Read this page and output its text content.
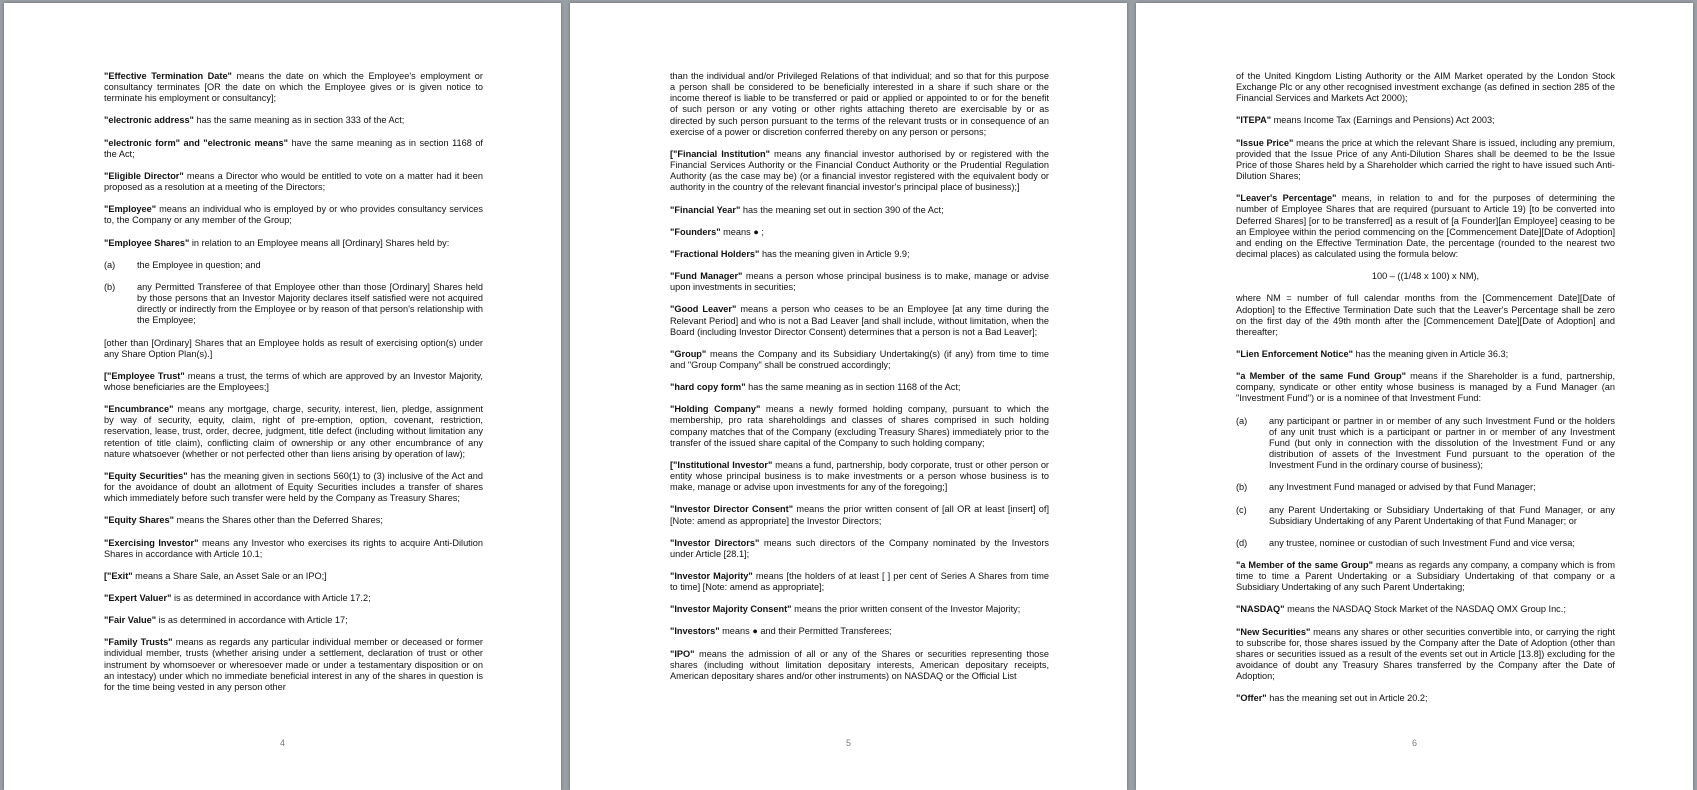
"Effective Termination Date" means the date on which the Employee's employment or consultancy terminates [OR the date on which the Employee gives or is given notice to terminate his employment or consultancy];

"electronic address" has the same meaning as in section 333 of the Act;

"electronic form" and "electronic means" have the same meaning as in section 1168 of the Act;

"Eligible Director" means a Director who would be entitled to vote on a matter had it been proposed as a resolution at a meeting of the Directors;

"Employee" means an individual who is employed by or who provides consultancy services to, the Company or any member of the Group;

"Employee Shares" in relation to an Employee means all [Ordinary] Shares held by:

(a)	the Employee in question; and
(b)	any Permitted Transferee of that Employee other than those [Ordinary] Shares held by those persons that an Investor Majority declares itself satisfied were not acquired directly or indirectly from the Employee or by reason of that person's relationship with the Employee;

[other than [Ordinary] Shares that an Employee holds as result of exercising option(s) under any Share Option Plan(s).]

["Employee Trust" means a trust, the terms of which are approved by an Investor Majority, whose beneficiaries are the Employees;]

"Encumbrance" means any mortgage, charge, security, interest, lien, pledge, assignment by way of security, equity, claim, right of pre-emption, option, covenant, restriction, reservation, lease, trust, order, decree, judgment, title defect (including without limitation any retention of title claim), conflicting claim of ownership or any other encumbrance of any nature whatsoever (whether or not perfected other than liens arising by operation of law);

"Equity Securities" has the meaning given in sections 560(1) to (3) inclusive of the Act and for the avoidance of doubt an allotment of Equity Securities includes a transfer of shares which immediately before such transfer were held by the Company as Treasury Shares;

"Equity Shares" means the Shares other than the Deferred Shares;

"Exercising Investor" means any Investor who exercises its rights to acquire Anti-Dilution Shares in accordance with Article 10.1;

["Exit" means a Share Sale, an Asset Sale or an IPO;]

"Expert Valuer" is as determined in accordance with Article 17.2;

"Fair Value" is as determined in accordance with Article 17;

"Family Trusts" means as regards any particular individual member or deceased or former individual member, trusts (whether arising under a settlement, declaration of trust or other instrument by whomsoever or wheresoever made or under a testamentary disposition or on an intestacy) under which no immediate beneficial interest in any of the shares in question is for the time being vested in any person other

4

than the individual and/or Privileged Relations of that individual; and so that for this purpose a person shall be considered to be beneficially interested in a share if such share or the income thereof is liable to be transferred or paid or applied or appointed to or for the benefit of such person or any voting or other rights attaching thereto are exercisable by or as directed by such person pursuant to the terms of the relevant trusts or in consequence of an exercise of a power or discretion conferred thereby on any person or persons;

["Financial Institution" means any financial investor authorised by or registered with the Financial Services Authority or the Financial Conduct Authority or the Prudential Regulation Authority (as the case may be) (or a financial investor registered with the equivalent body or authority in the country of the relevant financial investor's principal place of business);]

"Financial Year" has the meaning set out in section 390 of the Act;

"Founders" means ● ;

"Fractional Holders" has the meaning given in Article 9.9;

"Fund Manager" means a person whose principal business is to make, manage or advise upon investments in securities;

"Good Leaver" means a person who ceases to be an Employee [at any time during the Relevant Period] and who is not a Bad Leaver [and shall include, without limitation, when the Board (including Investor Director Consent) determines that a person is not a Bad Leaver];

"Group" means the Company and its Subsidiary Undertaking(s) (if any) from time to time and "Group Company" shall be construed accordingly;

"hard copy form" has the same meaning as in section 1168 of the Act;

"Holding Company" means a newly formed holding company, pursuant to which the membership, pro rata shareholdings and classes of shares comprised in such holding company matches that of the Company (excluding Treasury Shares) immediately prior to the transfer of the issued share capital of the Company to such holding company;

["Institutional Investor" means a fund, partnership, body corporate, trust or other person or entity whose principal business is to make investments or a person whose business is to make, manage or advise upon investments for any of the foregoing;]

"Investor Director Consent" means the prior written consent of [all OR at least [insert] of] [Note: amend as appropriate] the Investor Directors;

"Investor Directors" means such directors of the Company nominated by the Investors under Article [28.1];

"Investor Majority" means [the holders of at least [ ] per cent of Series A Shares from time to time] [Note: amend as appropriate];

"Investor Majority Consent" means the prior written consent of the Investor Majority;

"Investors" means ● and their Permitted Transferees;

"IPO" means the admission of all or any of the Shares or securities representing those shares (including without limitation depositary interests, American depositary receipts, American depositary shares and/or other instruments) on NASDAQ or the Official List

5

of the United Kingdom Listing Authority or the AIM Market operated by the London Stock Exchange Plc or any other recognised investment exchange (as defined in section 285 of the Financial Services and Markets Act 2000);

"ITEPA" means Income Tax (Earnings and Pensions) Act 2003;

"Issue Price" means the price at which the relevant Share is issued, including any premium, provided that the Issue Price of any Anti-Dilution Shares shall be deemed to be the Issue Price of those Shares held by a Shareholder which carried the right to have issued such Anti-Dilution Shares;

"Leaver's Percentage" means, in relation to and for the purposes of determining the number of Employee Shares that are required (pursuant to Article 19) [to be converted into Deferred Shares] [or to be transferred] as a result of [a Founder][an Employee] ceasing to be an Employee within the period commencing on the [Commencement Date][Date of Adoption] and ending on the Effective Termination Date, the percentage (rounded to the nearest two decimal places) as calculated using the formula below:

100 – ((1/48 x 100) x NM),

where NM = number of full calendar months from the [Commencement Date][Date of Adoption] to the Effective Termination Date such that the Leaver's Percentage shall be zero on the first day of the 49th month after the [Commencement Date][Date of Adoption] and thereafter;

"Lien Enforcement Notice" has the meaning given in Article 36.3;

"a Member of the same Fund Group" means if the Shareholder is a fund, partnership, company, syndicate or other entity whose business is managed by a Fund Manager (an "Investment Fund") or is a nominee of that Investment Fund:

(a)	any participant or partner in or member of any such Investment Fund or the holders of any unit trust which is a participant or partner in or member of any Investment Fund (but only in connection with the dissolution of the Investment Fund or any distribution of assets of the Investment Fund pursuant to the operation of the Investment Fund in the ordinary course of business);
(b)	any Investment Fund managed or advised by that Fund Manager;
(c)	any Parent Undertaking or Subsidiary Undertaking of that Fund Manager, or any Subsidiary Undertaking of any Parent Undertaking of that Fund Manager; or
(d)	any trustee, nominee or custodian of such Investment Fund and vice versa;

"a Member of the same Group" means as regards any company, a company which is from time to time a Parent Undertaking or a Subsidiary Undertaking of that company or a Subsidiary Undertaking of any such Parent Undertaking;

"NASDAQ" means the NASDAQ Stock Market of the NASDAQ OMX Group Inc.;

"New Securities" means any shares or other securities convertible into, or carrying the right to subscribe for, those shares issued by the Company after the Date of Adoption (other than shares or securities issued as a result of the events set out in Article [13.8]) excluding for the avoidance of doubt any Treasury Shares transferred by the Company after the Date of Adoption;

"Offer" has the meaning set out in Article 20.2;

6
